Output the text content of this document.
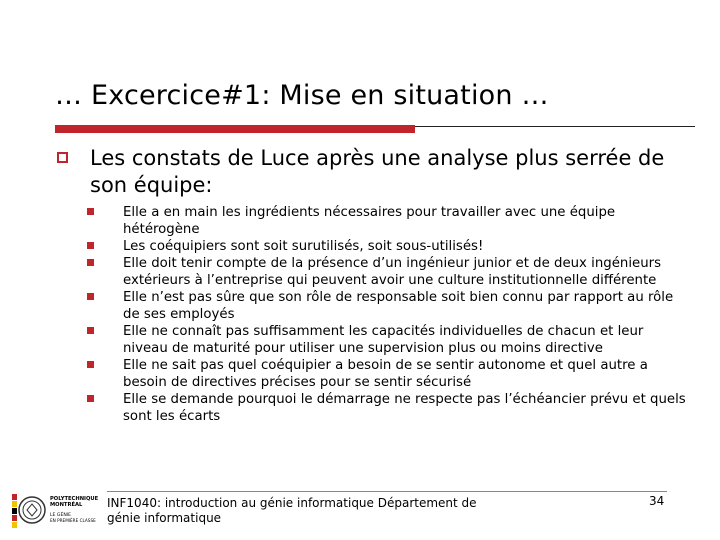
… Excercice#1: Mise en situation …
Les constats de Luce après une analyse plus serrée de son équipe:
Elle a en main les ingrédients nécessaires pour travailler avec une équipe hétérogène
Les coéquipiers sont soit surutilisés, soit sous-utilisés!
Elle doit tenir compte de la présence d’un ingénieur junior et de deux ingénieurs extérieurs à l’entreprise qui peuvent avoir une culture institutionnelle différente
Elle n’est pas sûre que son rôle de responsable soit bien connu par rapport au rôle de ses employés
Elle ne connaît pas suffisamment les capacités individuelles de chacun et leur niveau de maturité pour utiliser une supervision plus ou moins directive
Elle ne sait pas quel coéquipier a besoin de se sentir autonome et quel autre a besoin de directives précises pour se sentir sécurisé
Elle se demande pourquoi le démarrage ne respecte pas l’échéancier prévu et quels sont les écarts
POLYTECHNIQUE
MONTRÉAL
LE GÉNIE
EN PREMIÈRE CLASSE
INF1040: introduction au génie informatique Département de génie informatique
34
